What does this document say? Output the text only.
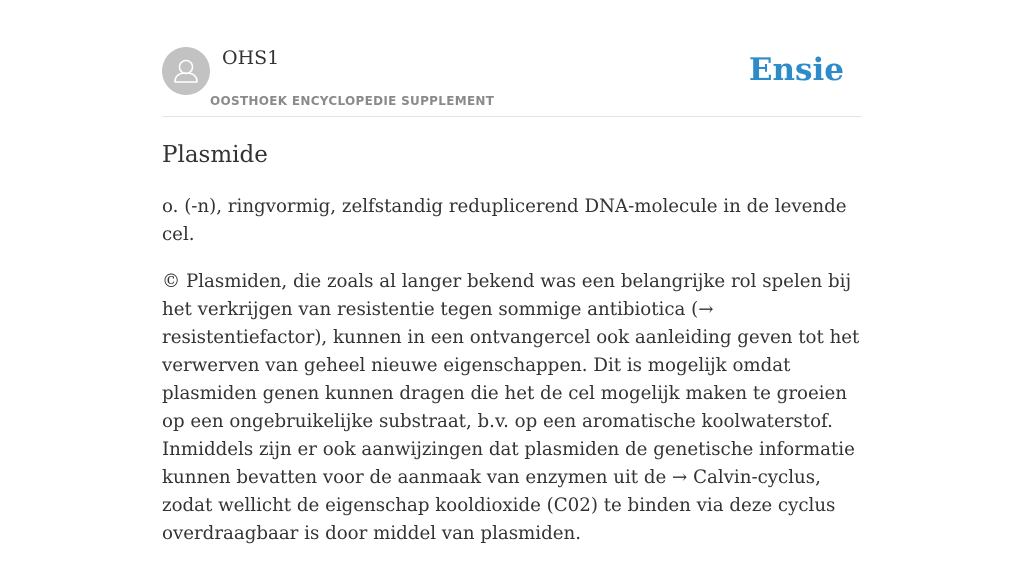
OHS1
OOSTHOEK ENCYCLOPEDIE SUPPLEMENT
Ensie
Plasmide

o. (-n), ringvormig, zelfstandig reduplicerend DNA-molecule in de levende cel.

© Plasmiden, die zoals al langer bekend was een belangrijke rol spelen bij het verkrijgen van resistentie tegen sommige antibiotica (→ resistentiefactor), kunnen in een ontvangercel ook aanleiding geven tot het verwerven van geheel nieuwe eigenschappen. Dit is mogelijk omdat plasmiden genen kunnen dragen die het de cel mogelijk maken te groeien op een ongebruikelijke substraat, b.v. op een aromatische koolwaterstof. Inmiddels zijn er ook aanwijzingen dat plasmiden de genetische informatie kunnen bevatten voor de aanmaak van enzymen uit de → Calvin-cyclus, zodat wellicht de eigenschap kooldioxide (C02) te binden via deze cyclus overdraagbaar is door middel van plasmiden.
